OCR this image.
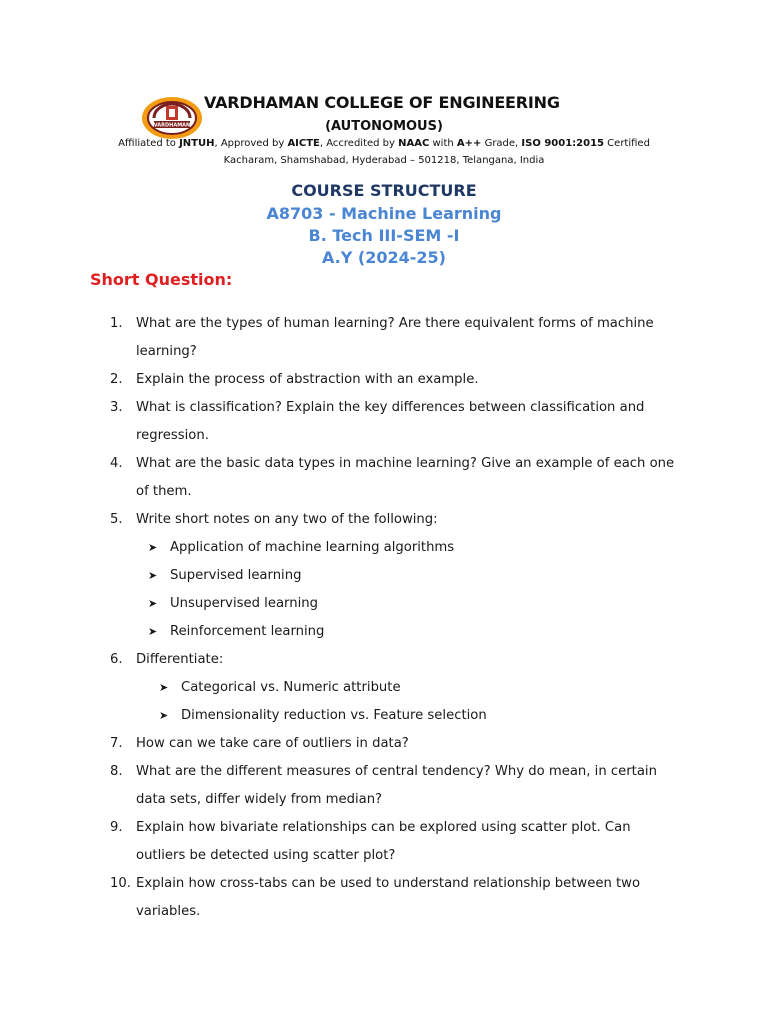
VARDHAMAN
VARDHAMAN COLLEGE OF ENGINEERING
(AUTONOMOUS)
Affiliated to JNTUH, Approved by AICTE, Accredited by NAAC with A++ Grade, ISO 9001:2015 Certified
Kacharam, Shamshabad, Hyderabad – 501218, Telangana, India
COURSE STRUCTURE
A8703 - Machine Learning
B. Tech III-SEM -I
A.Y (2024-25)
Short Question:
1. What are the types of human learning? Are there equivalent forms of machine
learning?
2. Explain the process of abstraction with an example.
3. What is classification? Explain the key differences between classification and
regression.
4. What are the basic data types in machine learning? Give an example of each one
of them.
5. Write short notes on any two of the following:
➤ Application of machine learning algorithms
➤ Supervised learning
➤ Unsupervised learning
➤ Reinforcement learning
6. Differentiate:
➤ Categorical vs. Numeric attribute
➤ Dimensionality reduction vs. Feature selection
7. How can we take care of outliers in data?
8. What are the different measures of central tendency? Why do mean, in certain
data sets, differ widely from median?
9. Explain how bivariate relationships can be explored using scatter plot. Can
outliers be detected using scatter plot?
10. Explain how cross-tabs can be used to understand relationship between two
variables.
